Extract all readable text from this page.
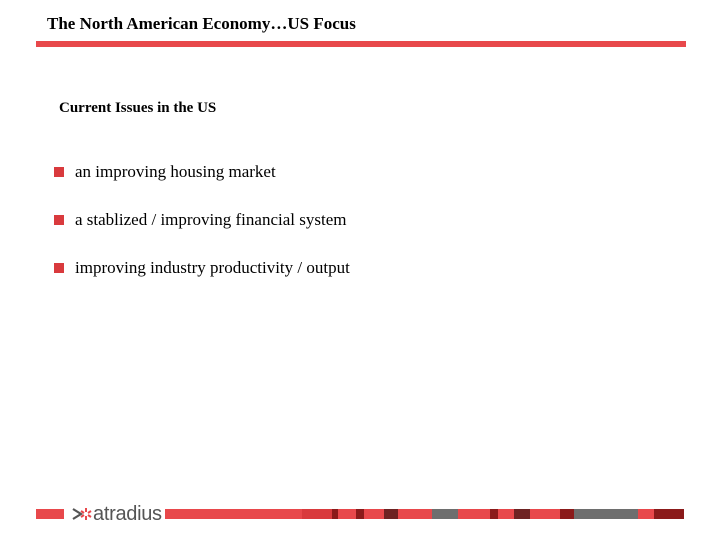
The North American Economy…US Focus
Current Issues in the US
an improving housing market
a stablized / improving financial system
improving industry productivity / output
atradius
